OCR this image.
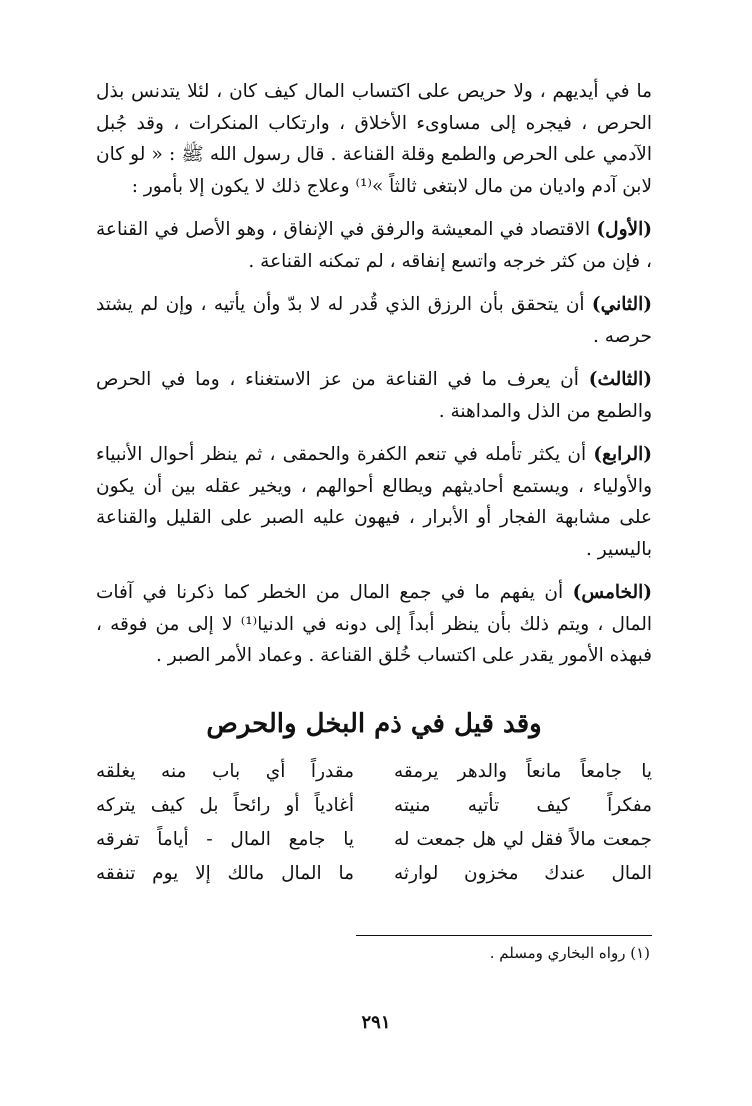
ما في أيديهم ، ولا حريص على اكتساب المال كيف كان ، لئلا يتدنس بذل الحرص ، فيجره إلى مساوىء الأخلاق ، وارتكاب المنكرات ، وقد جُبل الآدمي على الحرص والطمع وقلة القناعة . قال رسول الله ﷺ : « لو كان لابن آدم واديان من مال لابتغى ثالثاً »⁽¹⁾ وعلاج ذلك لا يكون إلا بأمور :

(الأول) الاقتصاد في المعيشة والرفق في الإنفاق ، وهو الأصل في القناعة ، فإن من كثر خرجه واتسع إنفاقه ، لم تمكنه القناعة .

(الثاني) أن يتحقق بأن الرزق الذي قُدر له لا بدّ وأن يأتيه ، وإن لم يشتد حرصه .

(الثالث) أن يعرف ما في القناعة من عز الاستغناء ، وما في الحرص والطمع من الذل والمداهنة .

(الرابع) أن يكثر تأمله في تنعم الكفرة والحمقى ، ثم ينظر أحوال الأنبياء والأولياء ، ويستمع أحاديثهم ويطالع أحوالهم ، ويخير عقله بين أن يكون على مشابهة الفجار أو الأبرار ، فيهون عليه الصبر على القليل والقناعة باليسير .

(الخامس) أن يفهم ما في جمع المال من الخطر كما ذكرنا في آفات المال ، ويتم ذلك بأن ينظر أبداً إلى دونه في الدنيا⁽¹⁾ لا إلى من فوقه ، فبهذه الأمور يقدر على اكتساب خُلق القناعة . وعماد الأمر الصبر .

وقد قيل في ذم البخل والحرص
يا جامعاً مانعاً والدهر يرمقه
مقدراً أي باب منه يغلقه
مفكراً كيف تأتيه منيته
أغادياً أو رائحاً بل كيف يتركه
جمعت مالاً فقل لي هل جمعت له
يا جامع المال - أياماً تفرقه
المال عندك مخزون لوارثه
ما المال مالك إلا يوم تنفقه
(١) رواه البخاري ومسلم .
٢٩١
